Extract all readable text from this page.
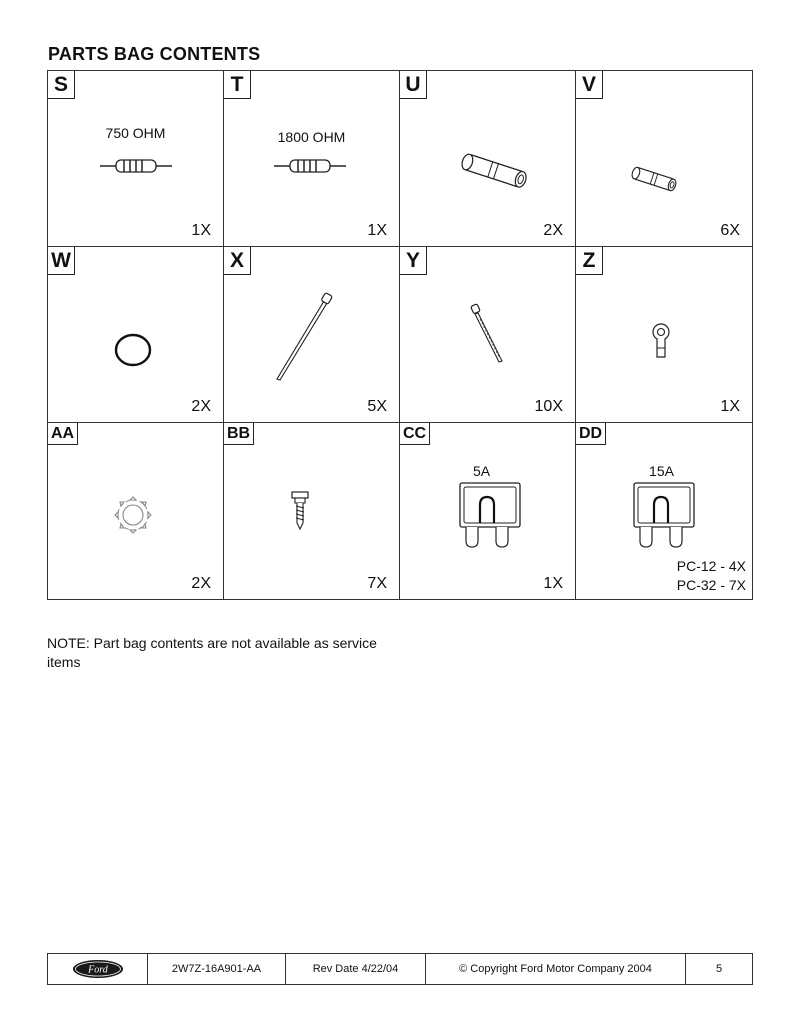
PARTS BAG CONTENTS
S
750 OHM
1X
T
1800 OHM
1X
U
2X
V
6X
W
2X
X
5X
Y
10X
Z
1X
AA
2X
BB
7X
CC
5A
1X
DD
15A
PC-12 - 4X
PC-32 - 7X
NOTE: Part bag contents are not available as service items
Ford	2W7Z-16A901-AA	Rev Date 4/22/04	© Copyright Ford Motor Company 2004	5
